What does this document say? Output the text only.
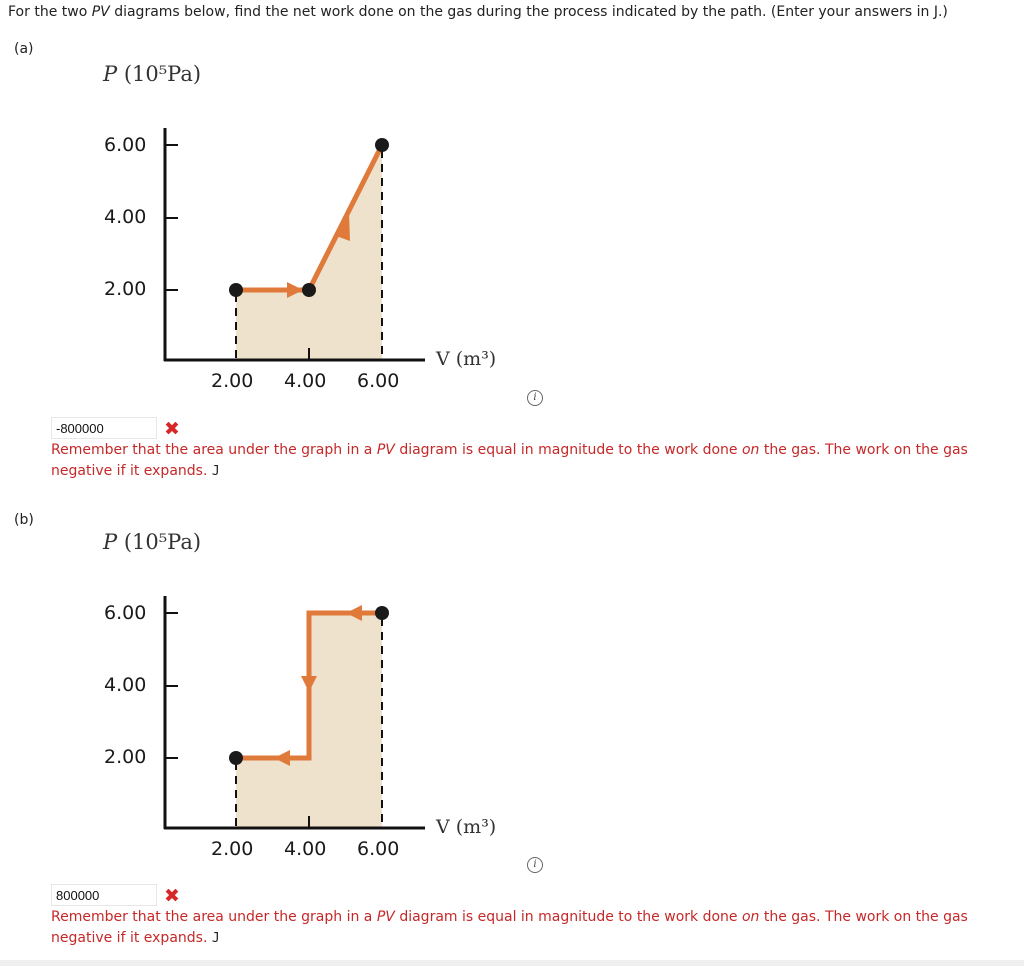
For the two PV diagrams below, find the net work done on the gas during the process indicated by the path. (Enter your answers in J.)
(a)
P (10⁵Pa)
6.00
4.00
2.00
2.00 4.00 6.00
V (m³)
i
-800000
✖
Remember that the area under the graph in a PV diagram is equal in magnitude to the work done on the gas. The work on the gas
negative if it expands. J
(b)
P (10⁵Pa)
6.00
4.00
2.00
2.00 4.00 6.00
V (m³)
i
800000
✖
Remember that the area under the graph in a PV diagram is equal in magnitude to the work done on the gas. The work on the gas
negative if it expands. J
